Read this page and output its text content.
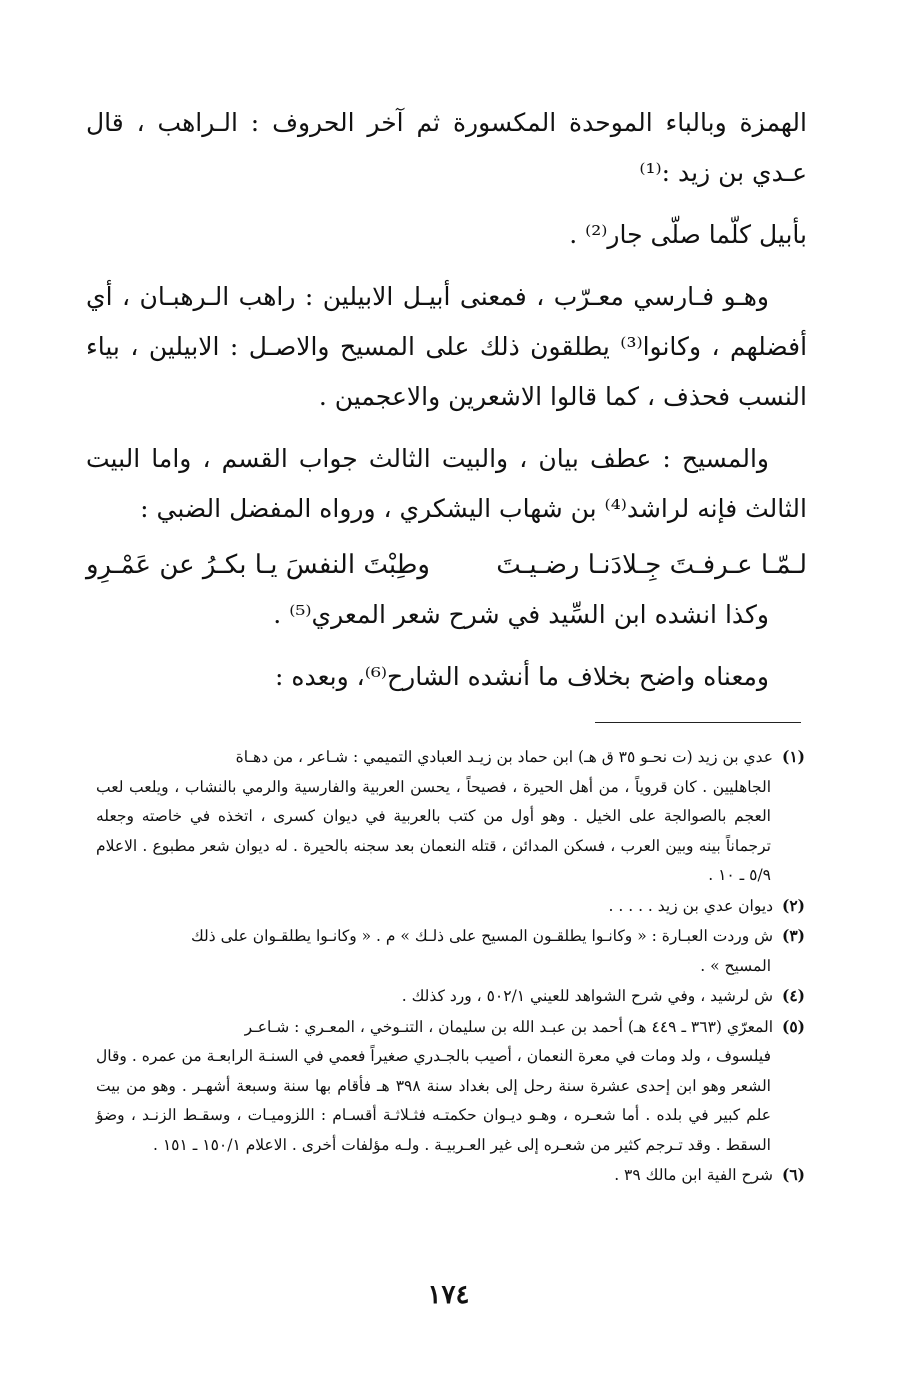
الهمزة وبالباء الموحدة المكسورة ثم آخر الحروف : الـراهب ، قال عـدي بن زيد :⁽¹⁾

بأبيل كلّما صلّى جار⁽²⁾ .

وهـو فـارسي معـرّب ، فمعنى أبيـل الابيلين : راهب الـرهبـان ، أي أفضلهم ، وكانوا⁽³⁾ يطلقون ذلك على المسيح والاصـل : الابيلين ، بياء النسب فحذف ، كما قالوا الاشعرين والاعجمين .

والمسيح : عطف بيان ، والبيت الثالث جواب القسم ، واما البيت الثالث فإنه لراشد⁽⁴⁾ بن شهاب اليشكري ، ورواه المفضل الضبي :

لـمّـا عـرفـتَ جِـلادَنـا رضـيـتَ
وطِبْتَ النفسَ يـا بكـرُ عن عَمْـرِو

وكذا انشده ابن السِّيد في شرح شعر المعري⁽⁵⁾ .

ومعناه واضح بخلاف ما أنشده الشارح⁽⁶⁾، وبعده :

(١) عدي بن زيد (ت نحـو ٣٥ ق هـ) ابن حماد بن زيـد العبادي التميمي : شـاعر ، من دهـاة
الجاهليين . كان قروياً ، من أهل الحيرة ، فصيحاً ، يحسن العربية والفارسية والرمي بالنشاب ، ويلعب لعب العجم بالصوالجة على الخيل . وهو أول من كتب بالعربية في ديوان كسرى ، اتخذه في خاصته وجعله ترجماناً بينه وبين العرب ، فسكن المدائن ، قتله النعمان بعد سجنه بالحيرة . له ديوان شعر مطبوع . الاعلام ٥/٩ ـ ١٠ .

(٢) ديوان عدي بن زيد . . . . .

(٣) ش وردت العبـارة : « وكانـوا يطلقـون المسيح على ذلـك » م . « وكانـوا يطلقـوان على ذلك
المسيح » .

(٤) ش لرشيد ، وفي شرح الشواهد للعيني ٥٠٢/١ ، ورد كذلك .

(٥) المعرّي (٣٦٣ ـ ٤٤٩ هـ) أحمد بن عبـد الله بن سليمان ، التنـوخي ، المعـري : شـاعـر
فيلسوف ، ولد ومات في معرة النعمان ، أصيب بالجـدري صغيراً فعمي في السنـة الرابعـة من عمره . وقال الشعر وهو ابن إحدى عشرة سنة رحل إلى بغداد سنة ٣٩٨ هـ فأقام بها سنة وسبعة أشهـر . وهو من بيت علم كبير في بلده . أما شعـره ، وهـو ديـوان حكمتـه فثـلاثـة أقسـام : اللزوميـات ، وسقـط الزنـد ، وضؤ السقط . وقد تـرجم كثير من شعـره إلى غير العـربيـة . ولـه مؤلفات أخرى . الاعلام ١٥٠/١ ـ ١٥١ .

(٦) شرح الفية ابن مالك ٣٩ .

١٧٤
